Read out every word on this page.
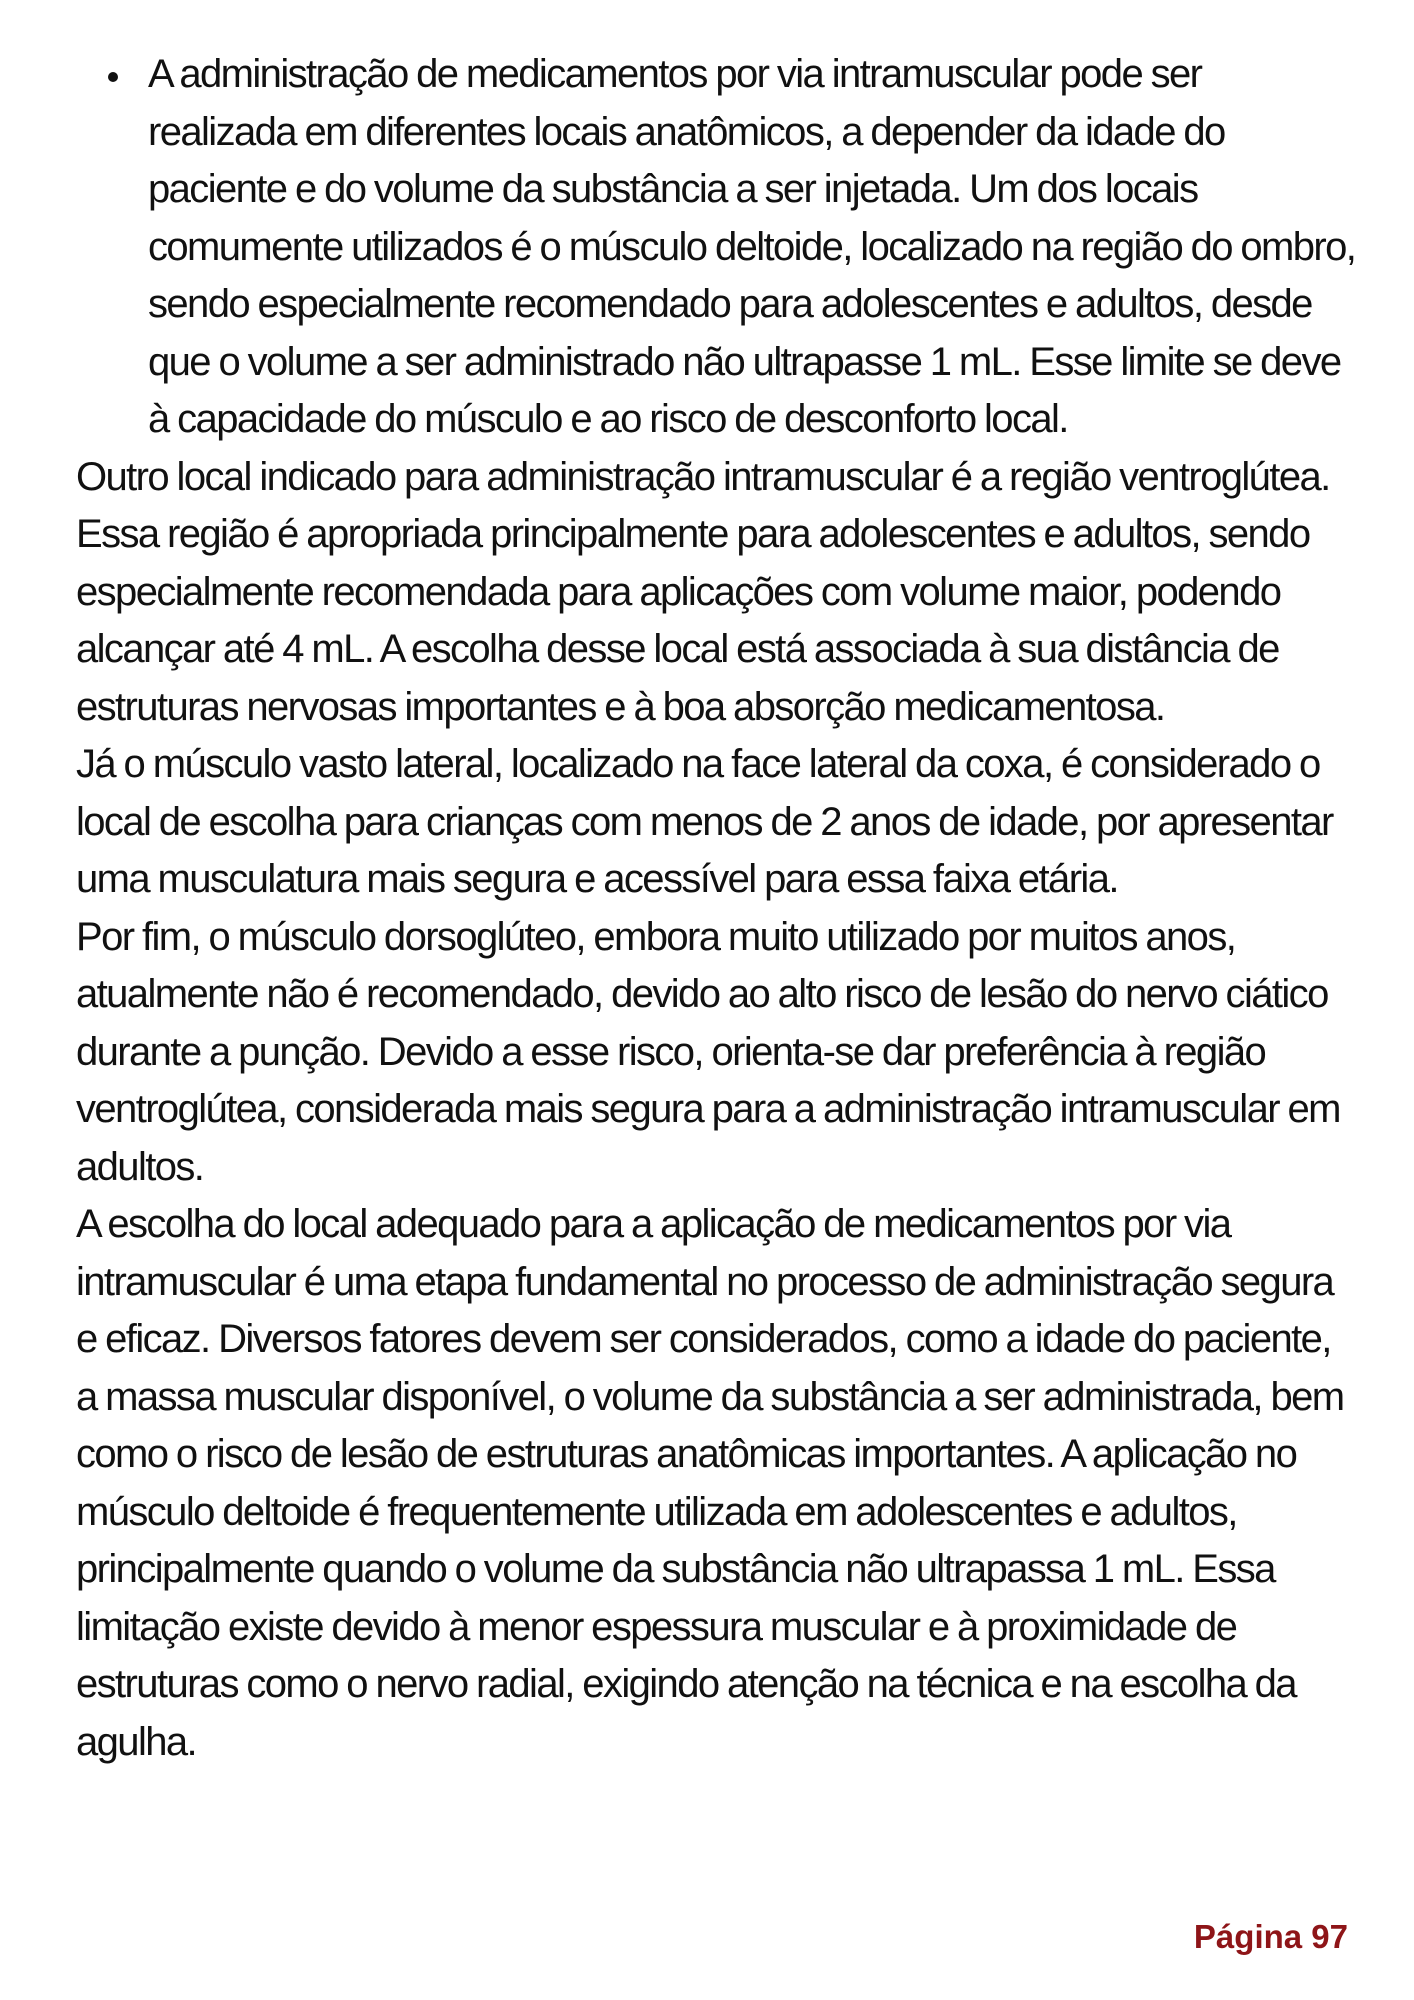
A administração de medicamentos por via intramuscular pode ser realizada em diferentes locais anatômicos, a depender da idade do paciente e do volume da substância a ser injetada. Um dos locais comumente utilizados é o músculo deltoide, localizado na região do ombro, sendo especialmente recomendado para adolescentes e adultos, desde que o volume a ser administrado não ultrapasse 1 mL. Esse limite se deve à capacidade do músculo e ao risco de desconforto local.

Outro local indicado para administração intramuscular é a região ventroglútea. Essa região é apropriada principalmente para adolescentes e adultos, sendo especialmente recomendada para aplicações com volume maior, podendo alcançar até 4 mL. A escolha desse local está associada à sua distância de estruturas nervosas importantes e à boa absorção medicamentosa.

Já o músculo vasto lateral, localizado na face lateral da coxa, é considerado o local de escolha para crianças com menos de 2 anos de idade, por apresentar uma musculatura mais segura e acessível para essa faixa etária.

Por fim, o músculo dorsoglúteo, embora muito utilizado por muitos anos, atualmente não é recomendado, devido ao alto risco de lesão do nervo ciático durante a punção. Devido a esse risco, orienta-se dar preferência à região ventroglútea, considerada mais segura para a administração intramuscular em adultos.

A escolha do local adequado para a aplicação de medicamentos por via intramuscular é uma etapa fundamental no processo de administração segura e eficaz. Diversos fatores devem ser considerados, como a idade do paciente, a massa muscular disponível, o volume da substância a ser administrada, bem como o risco de lesão de estruturas anatômicas importantes. A aplicação no músculo deltoide é frequentemente utilizada em adolescentes e adultos, principalmente quando o volume da substância não ultrapassa 1 mL. Essa limitação existe devido à menor espessura muscular e à proximidade de estruturas como o nervo radial, exigindo atenção na técnica e na escolha da agulha.

Página 97
